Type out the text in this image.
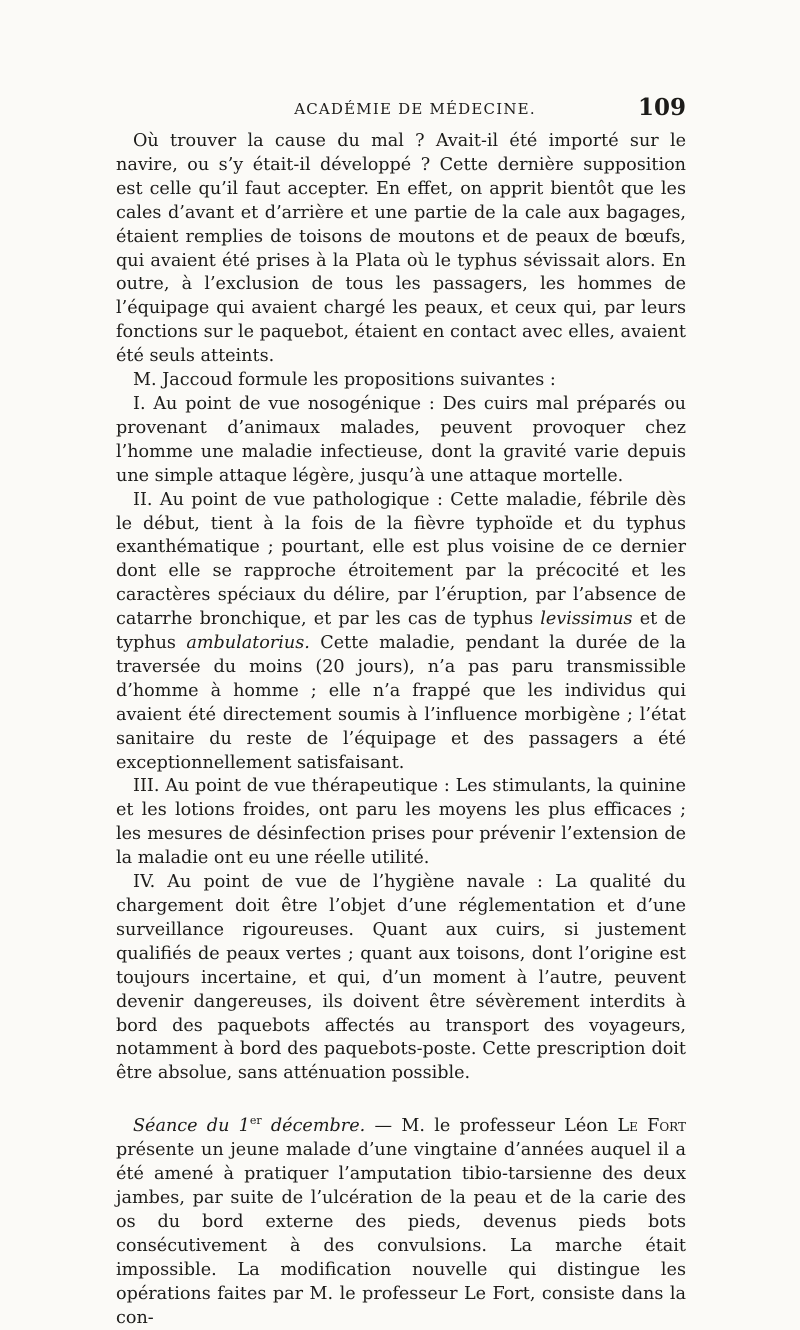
ACADÉMIE DE MÉDECINE.	109

Où trouver la cause du mal ? Avait-il été importé sur le navire, ou s’y était-il développé ? Cette dernière supposition est celle qu’il faut accepter. En effet, on apprit bientôt que les cales d’avant et d’arrière et une partie de la cale aux bagages, étaient remplies de toisons de moutons et de peaux de bœufs, qui avaient été prises à la Plata où le typhus sévissait alors. En outre, à l’exclusion de tous les passagers, les hommes de l’équipage qui avaient chargé les peaux, et ceux qui, par leurs fonctions sur le paquebot, étaient en contact avec elles, avaient été seuls atteints.

M. Jaccoud formule les propositions suivantes :

I. Au point de vue nosogénique : Des cuirs mal préparés ou provenant d’animaux malades, peuvent provoquer chez l’homme une maladie infectieuse, dont la gravité varie depuis une simple attaque légère, jusqu’à une attaque mortelle.

II. Au point de vue pathologique : Cette maladie, fébrile dès le début, tient à la fois de la fièvre typhoïde et du typhus exanthématique ; pourtant, elle est plus voisine de ce dernier dont elle se rapproche étroitement par la précocité et les caractères spéciaux du délire, par l’éruption, par l’absence de catarrhe bronchique, et par les cas de typhus levissimus et de typhus ambulatorius. Cette maladie, pendant la durée de la traversée du moins (20 jours), n’a pas paru transmissible d’homme à homme ; elle n’a frappé que les individus qui avaient été directement soumis à l’influence morbigène ; l’état sanitaire du reste de l’équipage et des passagers a été exceptionnellement satisfaisant.

III. Au point de vue thérapeutique : Les stimulants, la quinine et les lotions froides, ont paru les moyens les plus efficaces ; les mesures de désinfection prises pour prévenir l’extension de la maladie ont eu une réelle utilité.

IV. Au point de vue de l’hygiène navale : La qualité du chargement doit être l’objet d’une réglementation et d’une surveillance rigoureuses. Quant aux cuirs, si justement qualifiés de peaux vertes ; quant aux toisons, dont l’origine est toujours incertaine, et qui, d’un moment à l’autre, peuvent devenir dangereuses, ils doivent être sévèrement interdits à bord des paquebots affectés au transport des voyageurs, notamment à bord des paquebots-poste. Cette prescription doit être absolue, sans atténuation possible.

Séance du 1er décembre. — M. le professeur Léon Le Fort présente un jeune malade d’une vingtaine d’années auquel il a été amené à pratiquer l’amputation tibio-tarsienne des deux jambes, par suite de l’ulcération de la peau et de la carie des os du bord externe des pieds, devenus pieds bots consécutivement à des convulsions. La marche était impossible. La modification nouvelle qui distingue les opérations faites par M. le professeur Le Fort, consiste dans la con-
